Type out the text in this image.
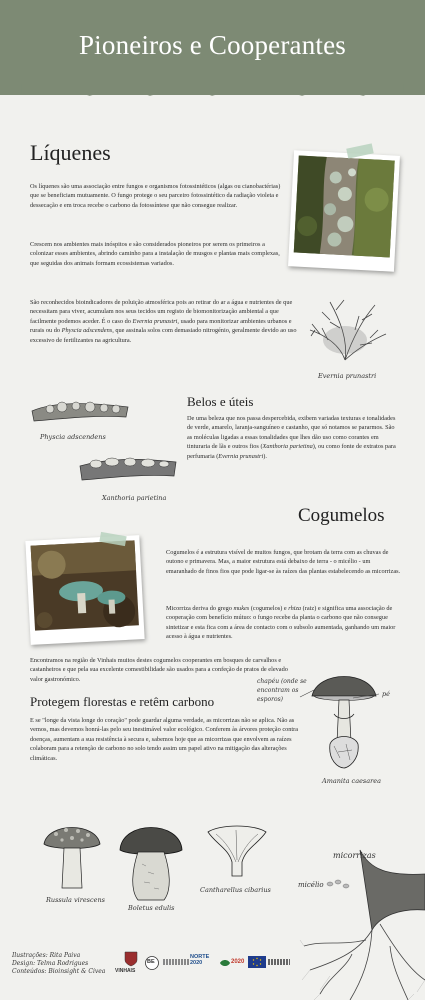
Pioneiros e Cooperantes
Líquenes

Os líquenes são uma associação entre fungos e organismos fotossintéticos (algas ou cianobactérias) que se beneficiam mutuamente. O fungo protege o seu parceiro fotossintético da radiação violeta e dessecação e em troca recebe o carbono da fotossíntese que não consegue realizar.

Crescem nos ambientes mais inóspitos e são considerados pioneiros por serem os primeiros a colonizar esses ambientes, abrindo caminho para a instalação de musgos e plantas mais complexas, que seguidas dos animais formam ecossistemas variados.

São reconhecidos bioindicadores de poluição atmosférica pois ao retirar do ar a água e nutrientes de que necessitam para viver, acumulam nos seus tecidos um registo de biomonitorização ambiental a que facilmente podemos aceder. É o caso do Evernia prunastri, usado para monitorizar ambientes urbanos e rurais ou do Physcia adscendens, que assinala solos com demasiado nitrogénio, geralmente devido ao uso excessivo de fertilizantes na agricultura.

Evernia prunastri
Belos e úteis

De uma beleza que nos passa despercebida, exibem variadas texturas e tonalidades de verde, amarelo, laranja-sanguíneo e castanho, que só notamos se pararmos. São as moléculas ligadas a essas tonalidades que lhes dão uso como corantes em tinturaria de lãs e outros fios (Xanthoria parietina), ou como fonte de extratos para perfumaria (Evernia prunastri).

Physcia adscendens
Xanthoria parietina
Cogumelos

Cogumelos é a estrutura visível de muitos fungos, que brotam da terra com as chuvas de outono e primavera. Mas, a maior estrutura está debaixo de terra - o micélio - um emaranhado de finos fios que pode ligar-se às raízes das plantas estabelecendo as micorrizas.

Micorriza deriva do grego mukes (cogumelos) e rhiza (raiz) e significa uma associação de cooperação com benefício mútuo: o fungo recebe da planta o carbono que não consegue sintetizar e esta fica com a área de contacto com o subsolo aumentada, ganhando um maior acesso à água e nutrientes.

Encontramos na região de Vinhais muitos destes cogumelos cooperantes em bosques de carvalhos e castanheiros e que pela sua excelente comestibilidade são usados para a confeção de pratos de elevado valor gastronómico.	chapéu (onde se encontram os esporos)
pé
Amanita caesarea
Protegem florestas e retêm carbono

E se "longe da vista longe do coração" pode guardar alguma verdade, as micorrizas não se aplica. Não as vemos, mas devemos honrá-las pelo seu inestimável valor ecológico. Conferem às árvores proteção contra doenças, aumentam a sua resistência à secura e, sabemos hoje que as micorrizas que envolvem as raízes colaboram para a retenção de carbono no solo tendo assim um papel ativo na mitigação das alterações climáticas.

Russula virescens
Boletus edulis
Cantharellus cibarius
micorrizas
micélio
Ilustrações: Rita Paiva
Design: Telma Rodrigues
Conteúdos: Bioinsight & Civea VINHAIS
BE
NORTE 2020	2020
